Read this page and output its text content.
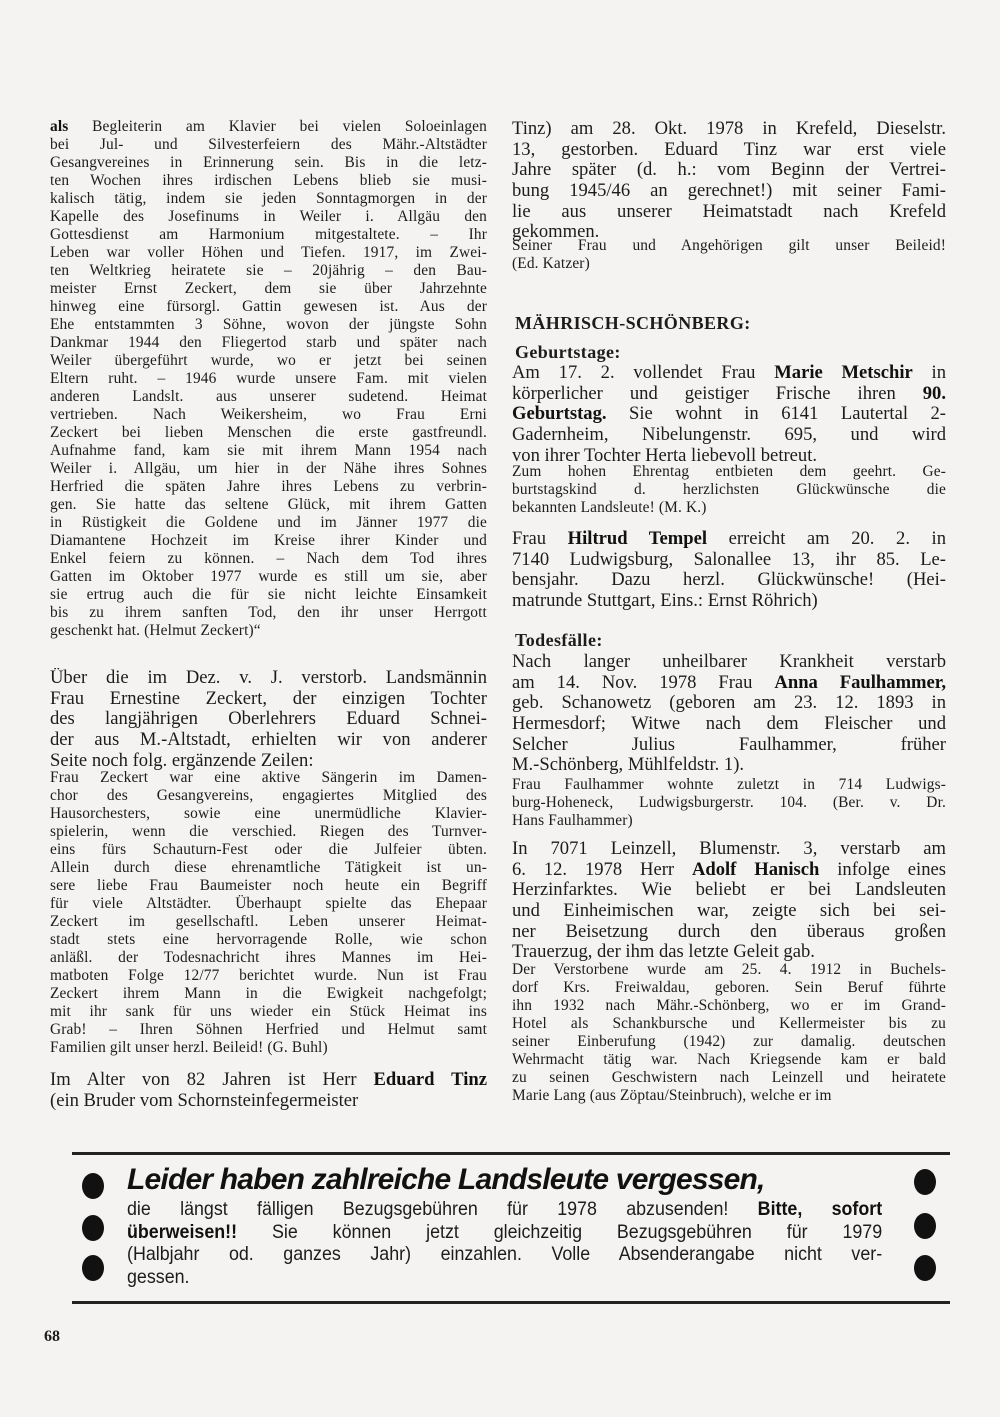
als Begleiterin am Klavier bei vielen Soloeinlagen
bei Jul- und Silvesterfeiern des Mähr.-Altstädter
Gesangvereines in Erinnerung sein. Bis in die letz-
ten Wochen ihres irdischen Lebens blieb sie musi-
kalisch tätig, indem sie jeden Sonntagmorgen in der
Kapelle des Josefinums in Weiler i. Allgäu den
Gottesdienst am Harmonium mitgestaltete. – Ihr
Leben war voller Höhen und Tiefen. 1917, im Zwei-
ten Weltkrieg heiratete sie – 20jährig – den Bau-
meister Ernst Zeckert, dem sie über Jahrzehnte
hinweg eine fürsorgl. Gattin gewesen ist. Aus der
Ehe entstammten 3 Söhne, wovon der jüngste Sohn
Dankmar 1944 den Fliegertod starb und später nach
Weiler übergeführt wurde, wo er jetzt bei seinen
Eltern ruht. – 1946 wurde unsere Fam. mit vielen
anderen Landslt. aus unserer sudetend. Heimat
vertrieben. Nach Weikersheim, wo Frau Erni
Zeckert bei lieben Menschen die erste gastfreundl.
Aufnahme fand, kam sie mit ihrem Mann 1954 nach
Weiler i. Allgäu, um hier in der Nähe ihres Sohnes
Herfried die späten Jahre ihres Lebens zu verbrin-
gen. Sie hatte das seltene Glück, mit ihrem Gatten
in Rüstigkeit die Goldene und im Jänner 1977 die
Diamantene Hochzeit im Kreise ihrer Kinder und
Enkel feiern zu können. – Nach dem Tod ihres
Gatten im Oktober 1977 wurde es still um sie, aber
sie ertrug auch die für sie nicht leichte Einsamkeit
bis zu ihrem sanften Tod, den ihr unser Herrgott
geschenkt hat. (Helmut Zeckert)“
Über die im Dez. v. J. verstorb. Landsmännin
Frau Ernestine Zeckert, der einzigen Tochter
des langjährigen Oberlehrers Eduard Schnei-
der aus M.-Altstadt, erhielten wir von anderer
Seite noch folg. ergänzende Zeilen:
Frau Zeckert war eine aktive Sängerin im Damen-
chor des Gesangvereins, engagiertes Mitglied des
Hausorchesters, sowie eine unermüdliche Klavier-
spielerin, wenn die verschied. Riegen des Turnver-
eins fürs Schauturn-Fest oder die Julfeier übten.
Allein durch diese ehrenamtliche Tätigkeit ist un-
sere liebe Frau Baumeister noch heute ein Begriff
für viele Altstädter. Überhaupt spielte das Ehepaar
Zeckert im gesellschaftl. Leben unserer Heimat-
stadt stets eine hervorragende Rolle, wie schon
anläßl. der Todesnachricht ihres Mannes im Hei-
matboten Folge 12/77 berichtet wurde. Nun ist Frau
Zeckert ihrem Mann in die Ewigkeit nachgefolgt;
mit ihr sank für uns wieder ein Stück Heimat ins
Grab! – Ihren Söhnen Herfried und Helmut samt
Familien gilt unser herzl. Beileid! (G. Buhl)
Im Alter von 82 Jahren ist Herr Eduard Tinz
(ein Bruder vom Schornsteinfegermeister
Tinz) am 28. Okt. 1978 in Krefeld, Dieselstr.
13, gestorben. Eduard Tinz war erst viele
Jahre später (d. h.: vom Beginn der Vertrei-
bung 1945/46 an gerechnet!) mit seiner Fami-
lie aus unserer Heimatstadt nach Krefeld
gekommen.
Seiner Frau und Angehörigen gilt unser Beileid!
(Ed. Katzer)
MÄHRISCH-SCHÖNBERG:
Geburtstage:
Am 17. 2. vollendet Frau Marie Metschir in
körperlicher und geistiger Frische ihren 90.
Geburtstag. Sie wohnt in 6141 Lautertal 2-
Gadernheim, Nibelungenstr. 695, und wird
von ihrer Tochter Herta liebevoll betreut.
Zum hohen Ehrentag entbieten dem geehrt. Ge-
burtstagskind d. herzlichsten Glückwünsche die
bekannten Landsleute! (M. K.)
Frau Hiltrud Tempel erreicht am 20. 2. in
7140 Ludwigsburg, Salonallee 13, ihr 85. Le-
bensjahr. Dazu herzl. Glückwünsche! (Hei-
matrunde Stuttgart, Eins.: Ernst Röhrich)
Todesfälle:
Nach langer unheilbarer Krankheit verstarb
am 14. Nov. 1978 Frau Anna Faulhammer,
geb. Schanowetz (geboren am 23. 12. 1893 in
Hermesdorf; Witwe nach dem Fleischer und
Selcher Julius Faulhammer, früher
M.-Schönberg, Mühlfeldstr. 1).
Frau Faulhammer wohnte zuletzt in 714 Ludwigs-
burg-Hoheneck, Ludwigsburgerstr. 104. (Ber. v. Dr.
Hans Faulhammer)
In 7071 Leinzell, Blumenstr. 3, verstarb am
6. 12. 1978 Herr Adolf Hanisch infolge eines
Herzinfarktes. Wie beliebt er bei Landsleuten
und Einheimischen war, zeigte sich bei sei-
ner Beisetzung durch den überaus großen
Trauerzug, der ihm das letzte Geleit gab.
Der Verstorbene wurde am 25. 4. 1912 in Buchels-
dorf Krs. Freiwaldau, geboren. Sein Beruf führte
ihn 1932 nach Mähr.-Schönberg, wo er im Grand-
Hotel als Schankbursche und Kellermeister bis zu
seiner Einberufung (1942) zur damalig. deutschen
Wehrmacht tätig war. Nach Kriegsende kam er bald
zu seinen Geschwistern nach Leinzell und heiratete
Marie Lang (aus Zöptau/Steinbruch), welche er im
Leider haben zahlreiche Landsleute vergessen,
die längst fälligen Bezugsgebühren für 1978 abzusenden! Bitte, sofort
überweisen!! Sie können jetzt gleichzeitig Bezugsgebühren für 1979
(Halbjahr od. ganzes Jahr) einzahlen. Volle Absenderangabe nicht ver-
gessen.
68
